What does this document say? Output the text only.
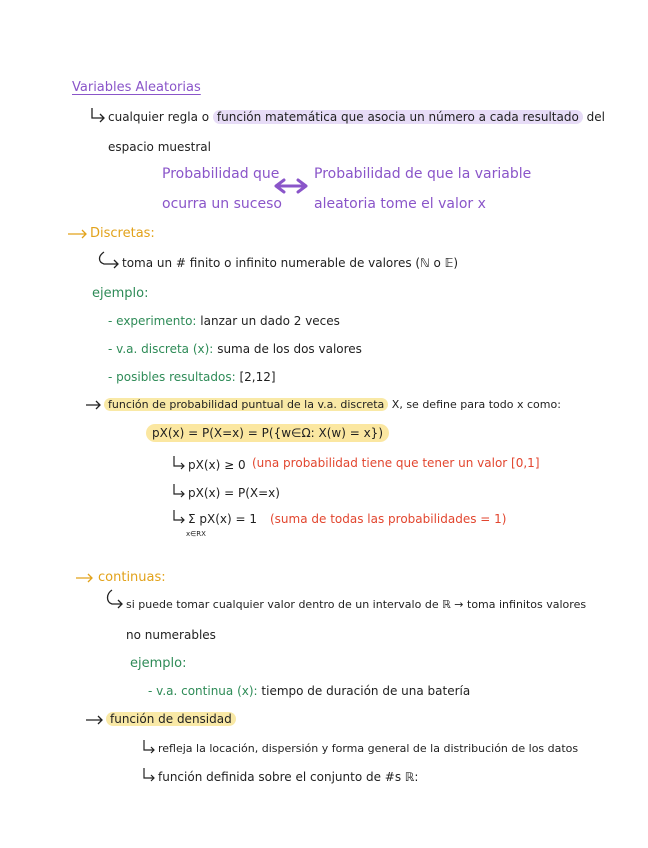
Variables Aleatorias
cualquier regla o función matemática que asocia un número a cada resultado del
espacio muestral
Probabilidad que
ocurra un suceso
Probabilidad de que la variable
aleatoria tome el valor x
Discretas:
toma un # finito o infinito numerable de valores (ℕ o 𝔼)
ejemplo:
- experimento: lanzar un dado 2 veces
- v.a. discreta (x): suma de los dos valores
- posibles resultados: [2,12]
función de probabilidad puntual de la v.a. discreta X, se define para todo x como:
pX(x) = P(X=x) = P({w∈Ω: X(w) = x})
pX(x) ≥ 0 (una probabilidad tiene que tener un valor [0,1]
pX(x) = P(X=x)
Σ pX(x) = 1
x∈RX
(suma de todas las probabilidades = 1)
continuas:
si puede tomar cualquier valor dentro de un intervalo de ℝ → toma infinitos valores
no numerables
ejemplo:
- v.a. continua (x): tiempo de duración de una batería
función de densidad
refleja la locación, dispersión y forma general de la distribución de los datos
función definida sobre el conjunto de #s ℝ:
